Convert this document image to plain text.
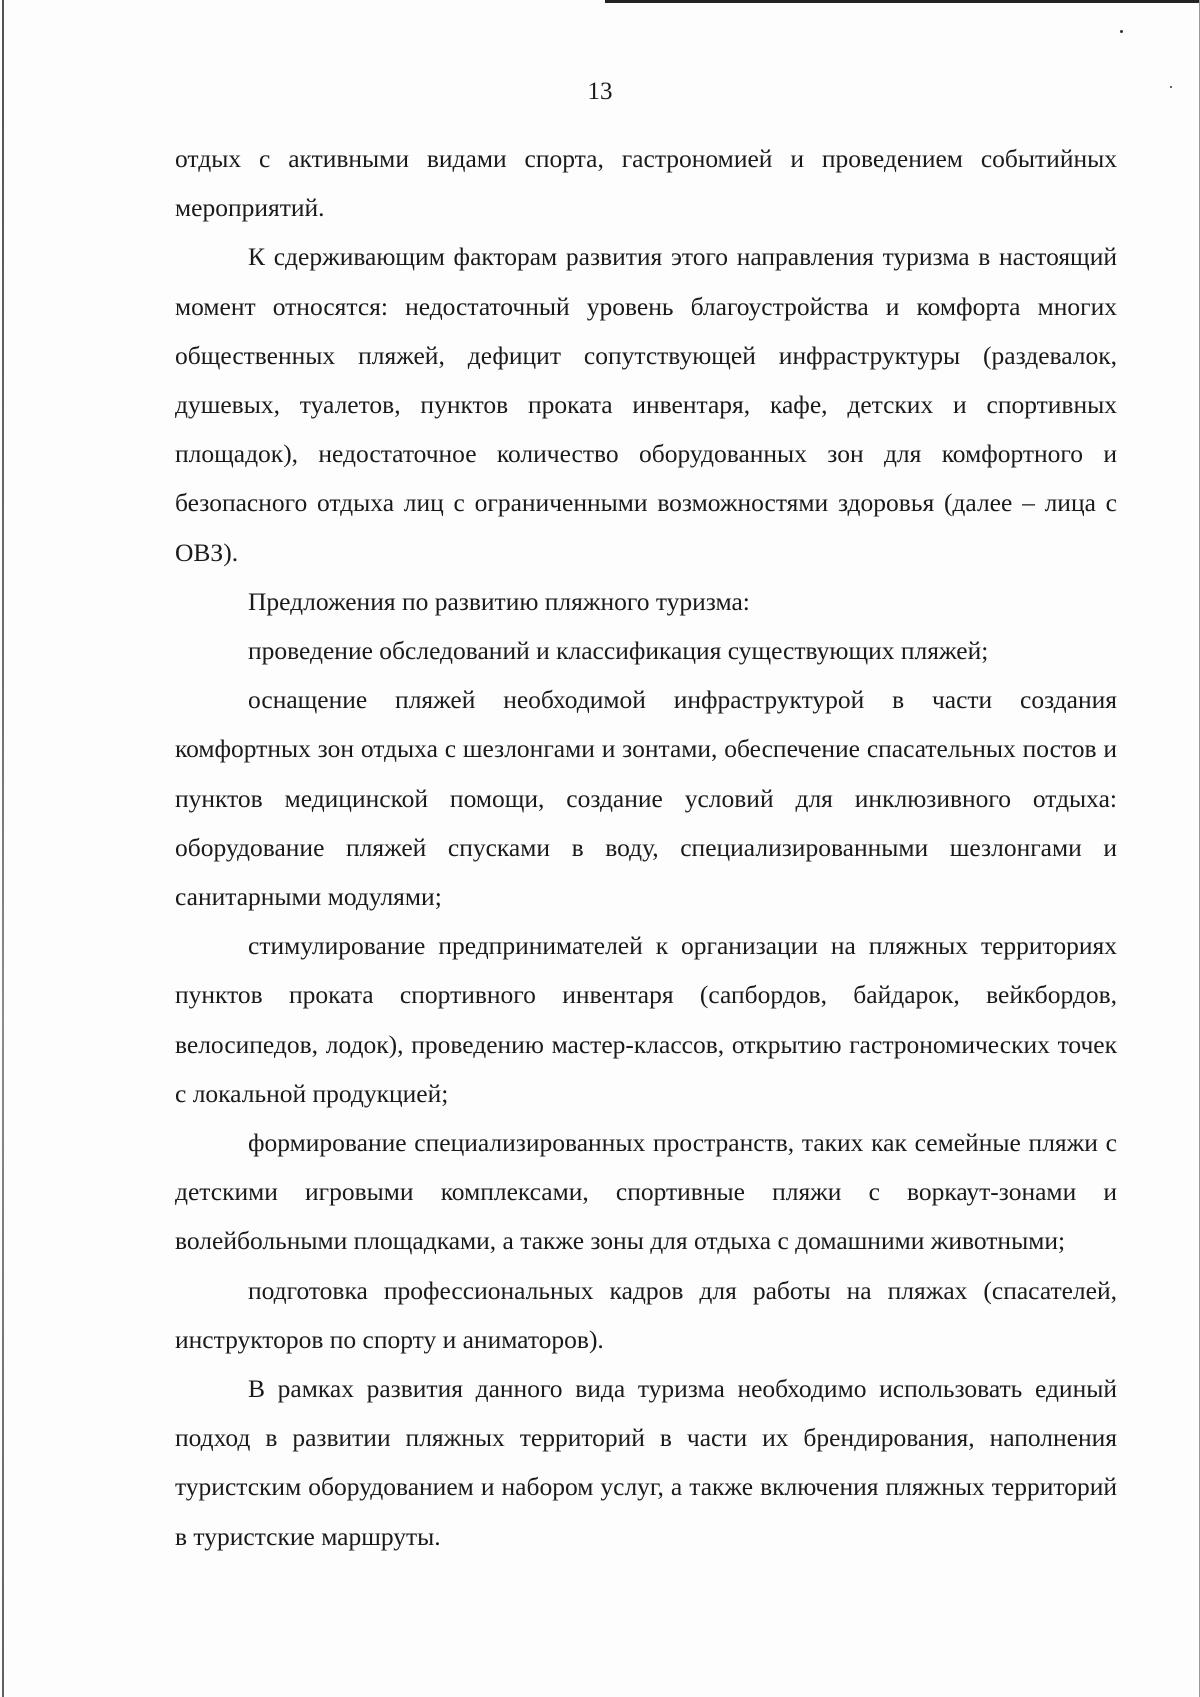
13

отдых с активными видами спорта, гастрономией и проведением событийных мероприятий.

К сдерживающим факторам развития этого направления туризма в настоящий момент относятся: недостаточный уровень благоустройства и комфорта многих общественных пляжей, дефицит сопутствующей инфраструктуры (раздевалок, душевых, туалетов, пунктов проката инвентаря, кафе, детских и спортивных площадок), недостаточное количество оборудованных зон для комфортного и безопасного отдыха лиц с ограниченными возможностями здоровья (далее – лица с ОВЗ).

Предложения по развитию пляжного туризма:

проведение обследований и классификация существующих пляжей;

оснащение пляжей необходимой инфраструктурой в части создания комфортных зон отдыха с шезлонгами и зонтами, обеспечение спасательных постов и пунктов медицинской помощи, создание условий для инклюзивного отдыха: оборудование пляжей спусками в воду, специализированными шезлонгами и санитарными модулями;

стимулирование предпринимателей к организации на пляжных территориях пунктов проката спортивного инвентаря (сапбордов, байдарок, вейкбордов, велосипедов, лодок), проведению мастер-классов, открытию гастрономических точек с локальной продукцией;

формирование специализированных пространств, таких как семейные пляжи с детскими игровыми комплексами, спортивные пляжи с воркаут-зонами и волейбольными площадками, а также зоны для отдыха с домашними животными;

подготовка профессиональных кадров для работы на пляжах (спасателей, инструкторов по спорту и аниматоров).

В рамках развития данного вида туризма необходимо использовать единый подход в развитии пляжных территорий в части их брендирования, наполнения туристским оборудованием и набором услуг, а также включения пляжных территорий в туристские маршруты.
